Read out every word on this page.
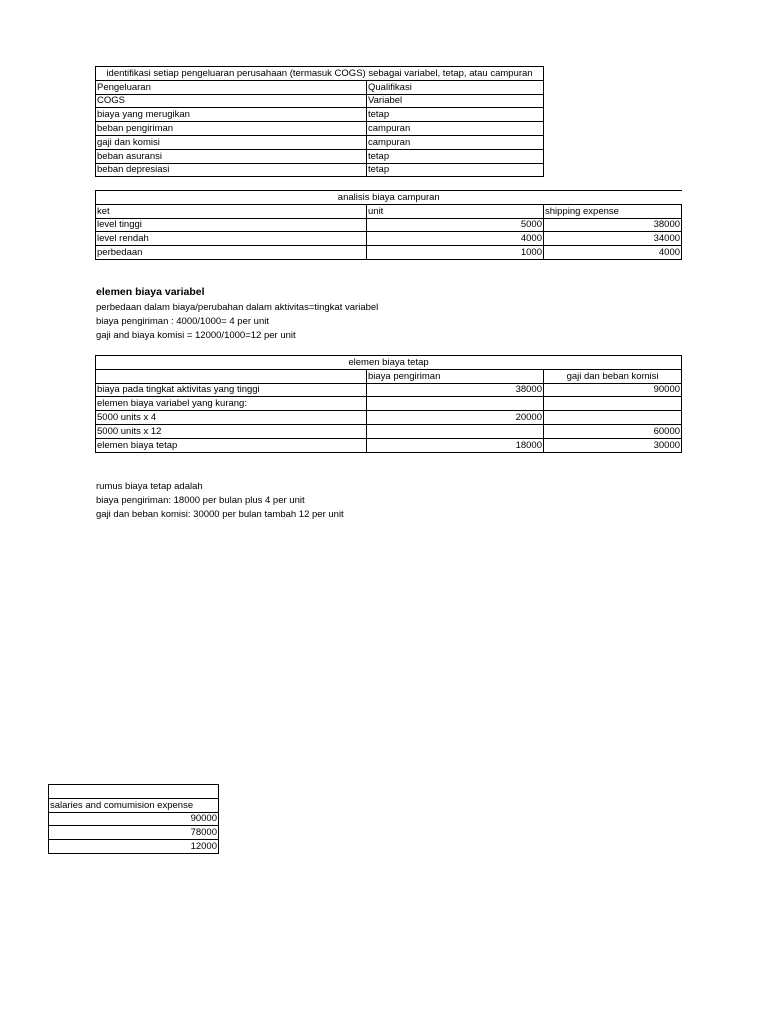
identifikasi setiap pengeluaran perusahaan (termasuk COGS) sebagai variabel, tetap, atau campuran	
Pengeluaran	Qualifikasi
COGS	Variabel
biaya yang merugikan	tetap
beban pengiriman	campuran
gaji dan komisi	campuran
beban asuransi	tetap
beban depresiasi	tetap
analisis biaya campuran		
ket	unit	shipping expense
level tinggi	5000	38000
level rendah	4000	34000
perbedaan	1000	4000
elemen biaya variabel
perbedaan dalam biaya/perubahan dalam aktivitas=tingkat variabel
biaya pengiriman : 4000/1000= 4 per unit
gaji and biaya komisi = 12000/1000=12 per unit
elemen biaya tetap		
	biaya pengiriman	gaji dan beban komisi
biaya pada tingkat aktivitas yang tinggi	38000	90000
elemen biaya variabel yang kurang:		
5000 units x 4	20000	
5000 units x 12		60000
elemen biaya tetap	18000	30000
rumus biaya tetap adalah
biaya pengiriman: 18000 per bulan plus 4 per unit
gaji dan beban komisi: 30000 per bulan tambah 12 per unit

salaries and comumision expense
90000
78000
12000
